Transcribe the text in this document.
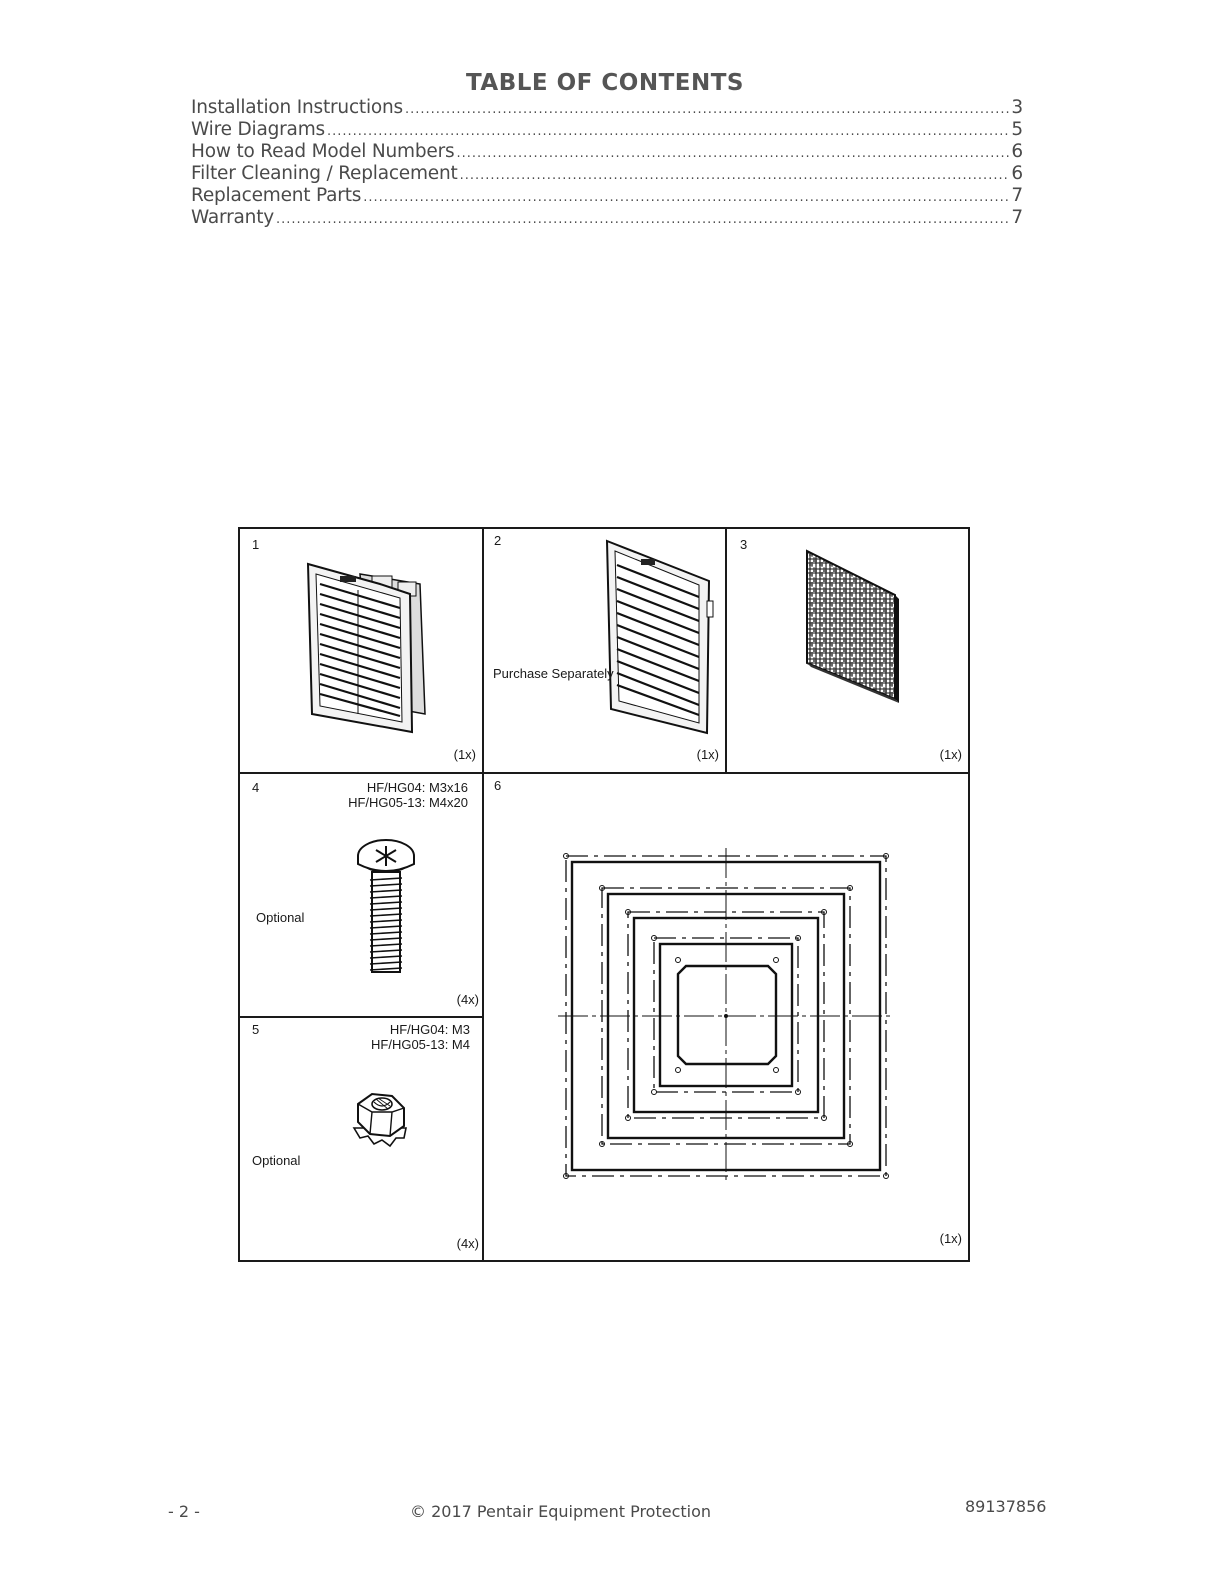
TABLE OF CONTENTS
Installation Instructions .....	3
Wire Diagrams .....	5
How to Read Model Numbers .....	6
Filter Cleaning / Replacement .....	6
Replacement Parts .....	7
Warranty .....	7
1
(1x)
2
Purchase Separately
(1x)
3
(1x)
4	HF/HG04: M3x16
HF/HG05-13: M4x20
Optional
(4x)
5	HF/HG04: M3
HF/HG05-13: M4
Optional
(4x)
6
(1x)
- 2 -	© 2017 Pentair Equipment Protection	89137856
